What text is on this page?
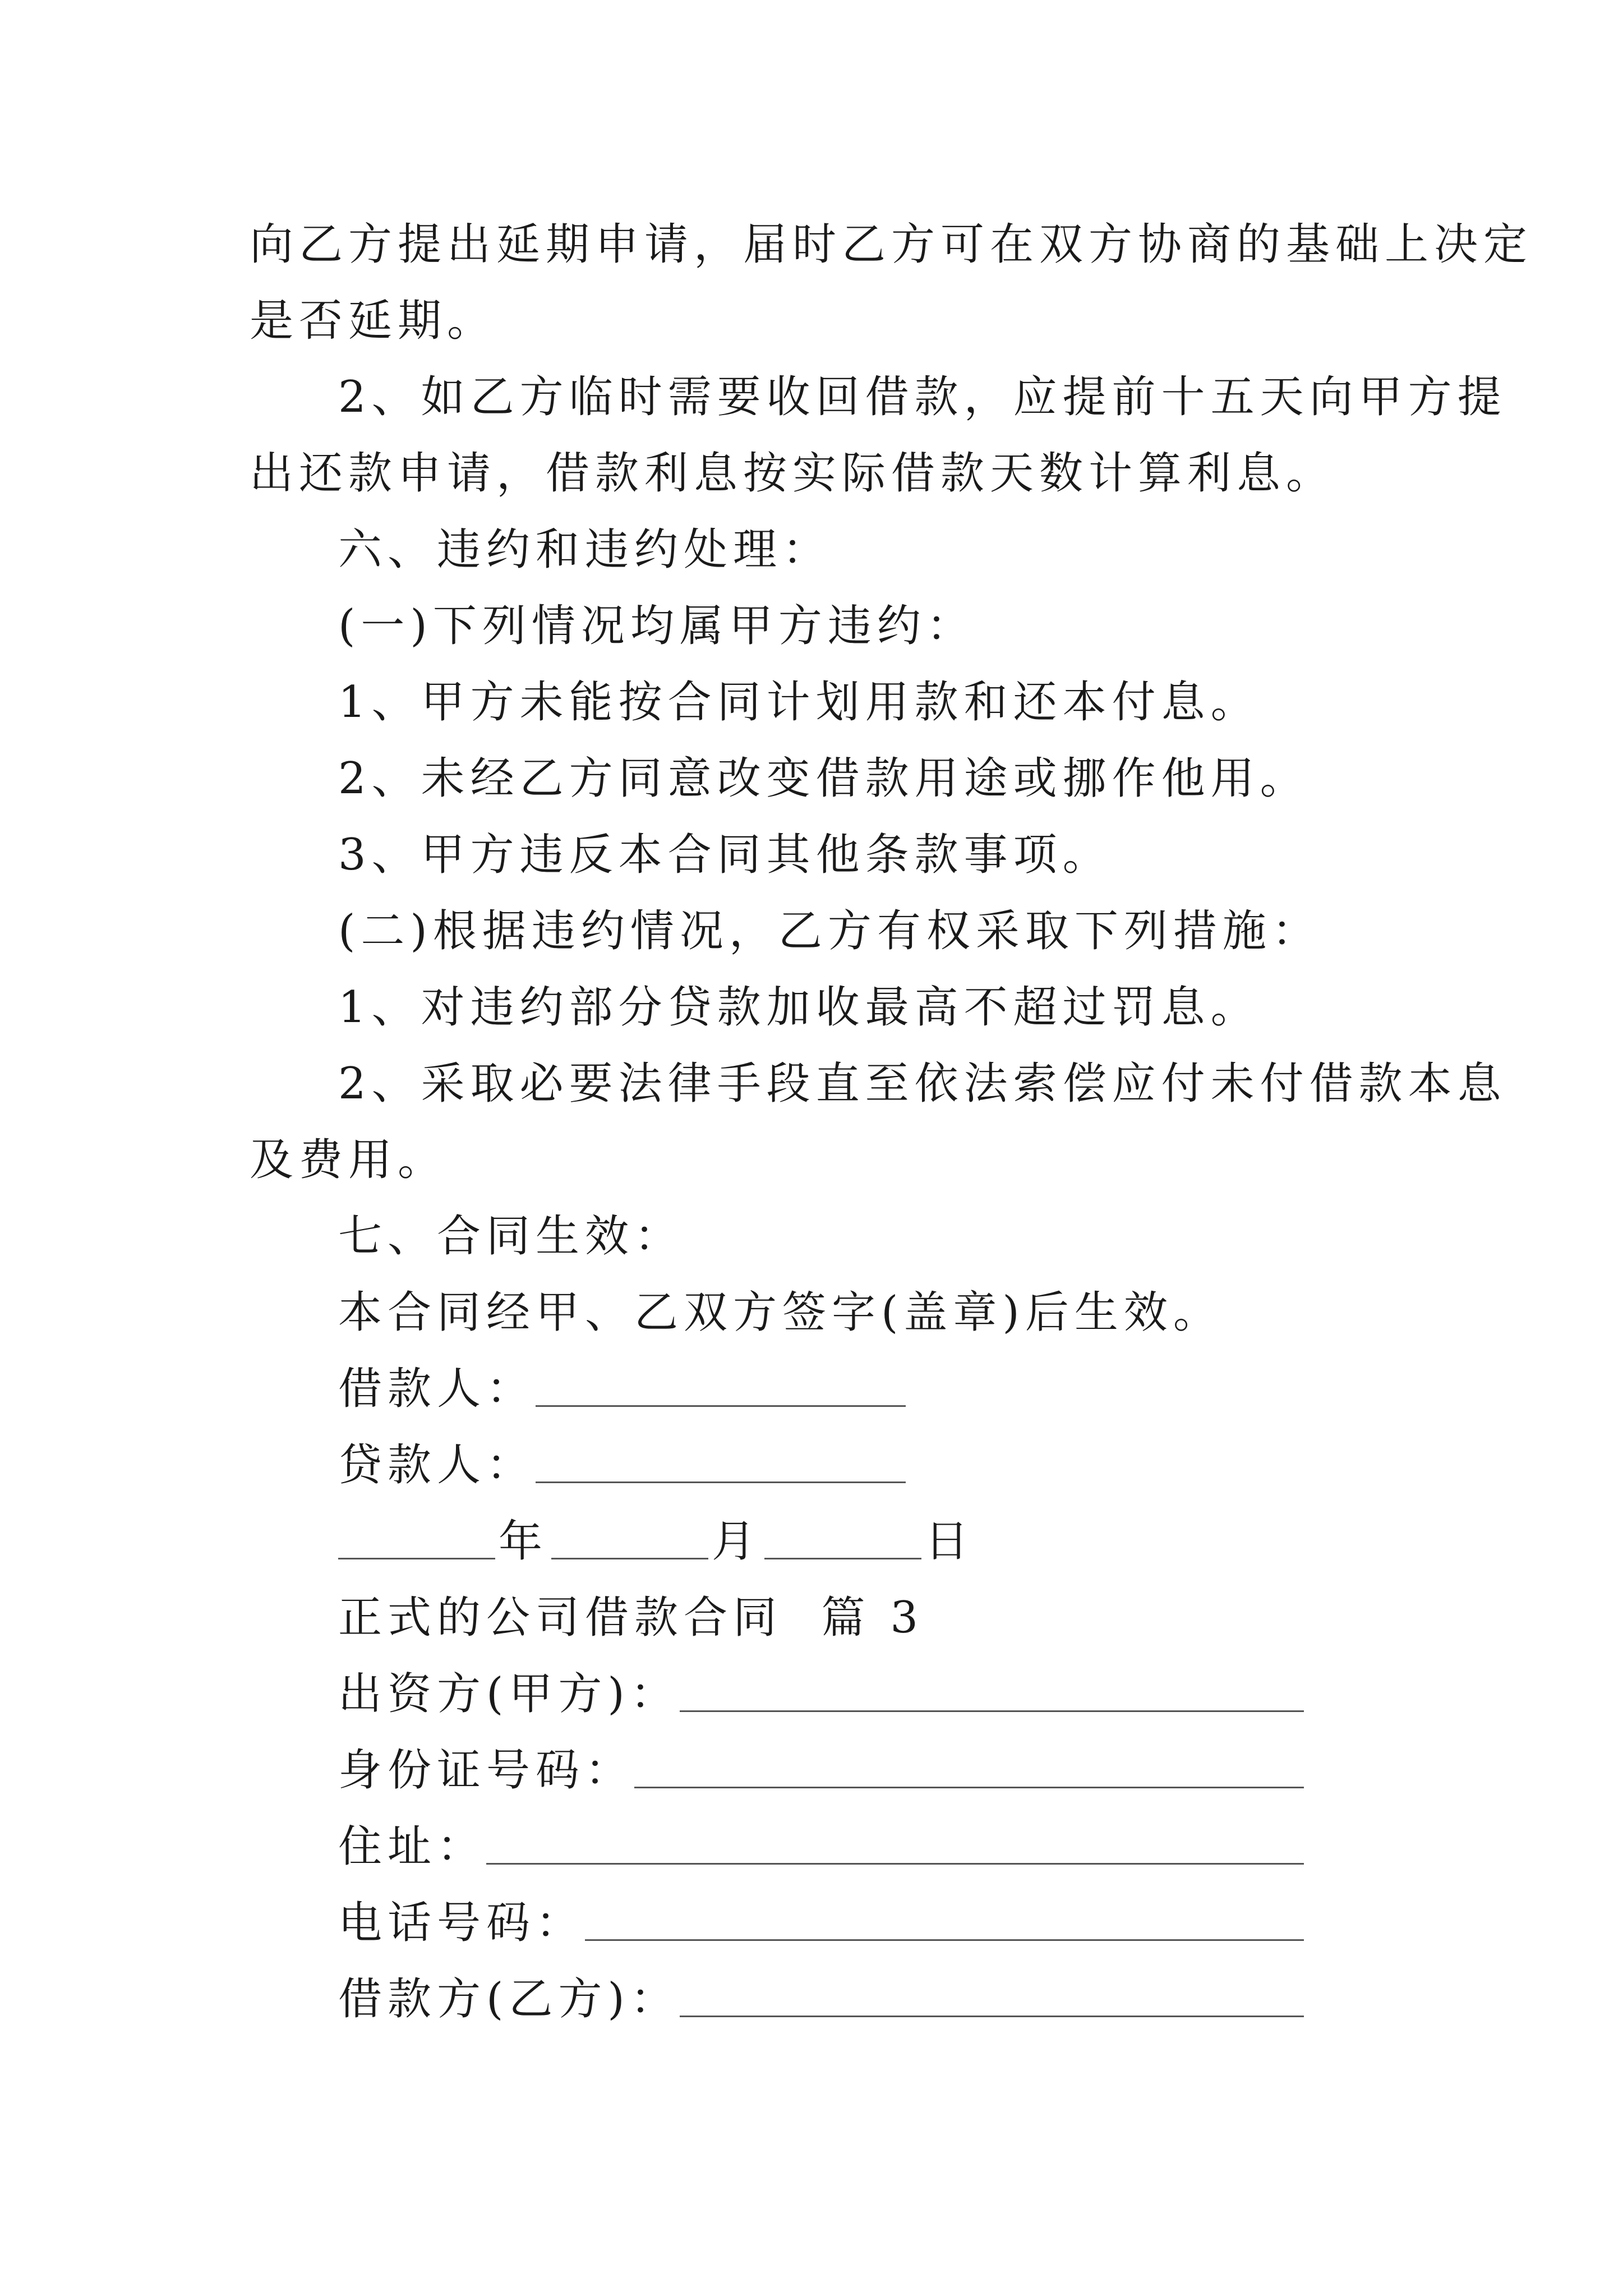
向乙方提出延期申请，届时乙方可在双方协商的基础上决定
是否延期。
2、如乙方临时需要收回借款，应提前十五天向甲方提
出还款申请，借款利息按实际借款天数计算利息。
六、违约和违约处理：
(一)下列情况均属甲方违约：
1、甲方未能按合同计划用款和还本付息。
2、未经乙方同意改变借款用途或挪作他用。
3、甲方违反本合同其他条款事项。
(二)根据违约情况，乙方有权采取下列措施：
1、对违约部分贷款加收最高不超过罚息。
2、采取必要法律手段直至依法索偿应付未付借款本息
及费用。
七、合同生效：
本合同经甲、乙双方签字(盖章)后生效。
借款人：
贷款人：
年	月	日
正式的公司借款合同  篇 3
出资方(甲方)：
身份证号码：
住址：
电话号码：
借款方(乙方)：
